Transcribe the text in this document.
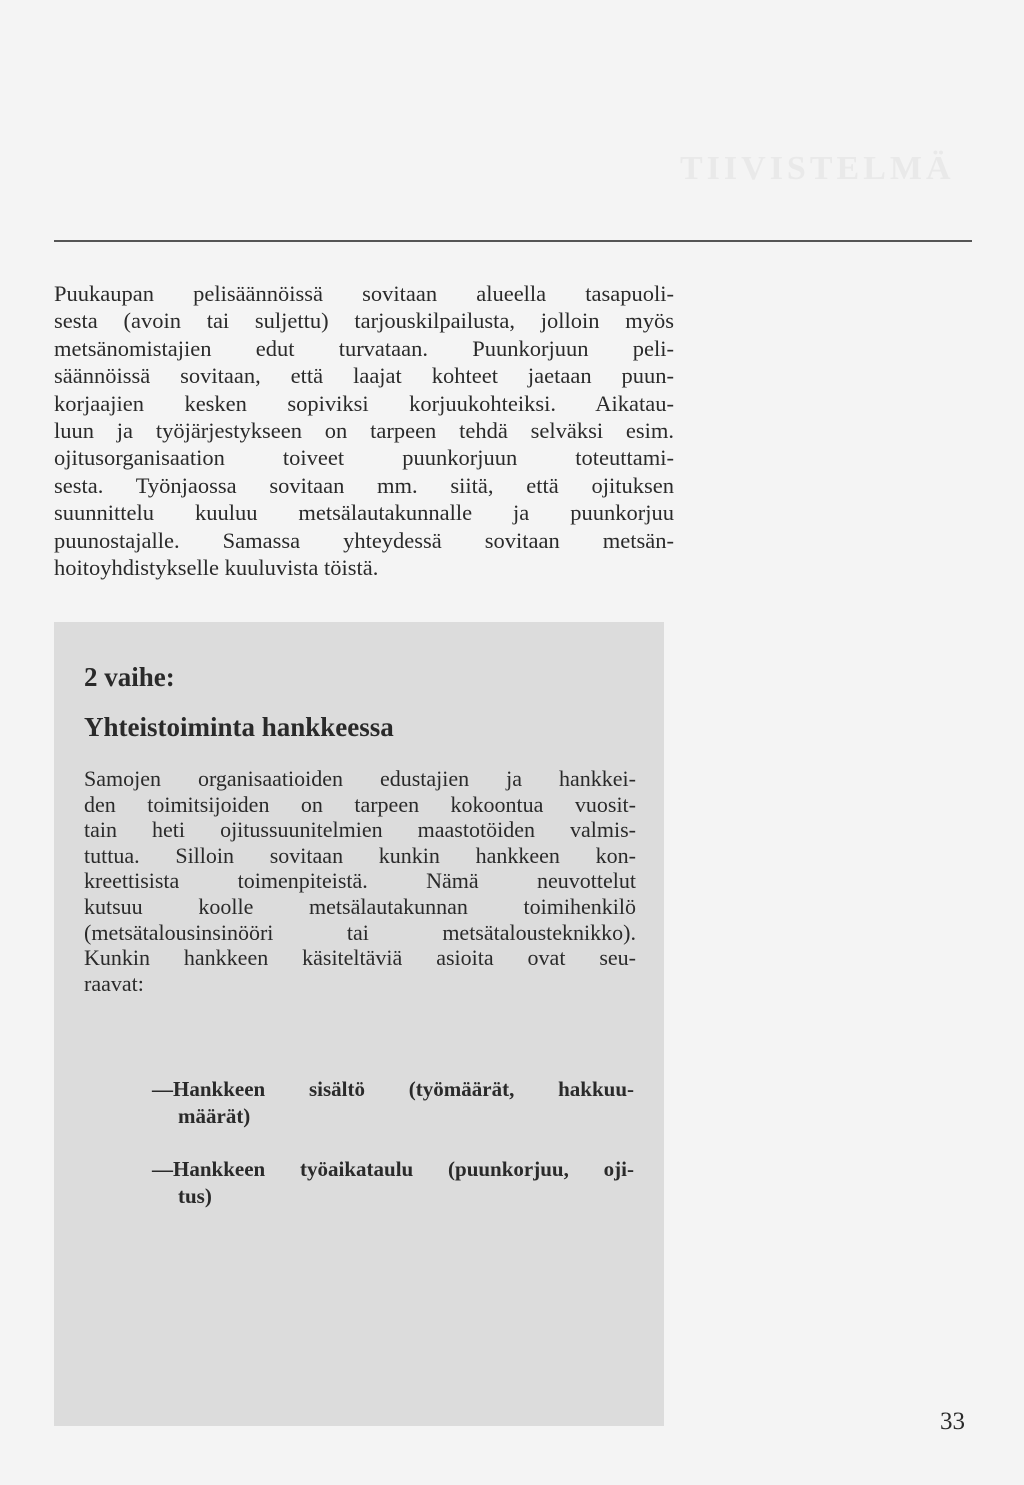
TIIVISTELMÄ
Puukaupan pelisäännöissä sovitaan alueella tasapuoli-
sesta (avoin tai suljettu) tarjouskilpailusta, jolloin myös
metsänomistajien edut turvataan. Puunkorjuun peli-
säännöissä sovitaan, että laajat kohteet jaetaan puun-
korjaajien kesken sopiviksi korjuukohteiksi. Aikatau-
luun ja työjärjestykseen on tarpeen tehdä selväksi esim.
ojitusorganisaation toiveet puunkorjuun toteuttami-
sesta. Työnjaossa sovitaan mm. siitä, että ojituksen
suunnittelu kuuluu metsälautakunnalle ja puunkorjuu
puunostajalle. Samassa yhteydessä sovitaan metsän-
hoitoyhdistykselle kuuluvista töistä.
2 vaihe:
Yhteistoiminta hankkeessa
Samojen organisaatioiden edustajien ja hankkei-
den toimitsijoiden on tarpeen kokoontua vuosit-
tain heti ojitussuunitelmien maastotöiden valmis-
tuttua. Silloin sovitaan kunkin hankkeen kon-
kreettisista toimenpiteistä. Nämä neuvottelut
kutsuu koolle metsälautakunnan toimihenkilö
(metsätalousinsinööri tai metsätalousteknikko).
Kunkin hankkeen käsiteltäviä asioita ovat seu-
raavat:
—Hankkeen sisältö (työmäärät, hakkuu-
määrät)
—Hankkeen työaikataulu (puunkorjuu, oji-
tus)
33
